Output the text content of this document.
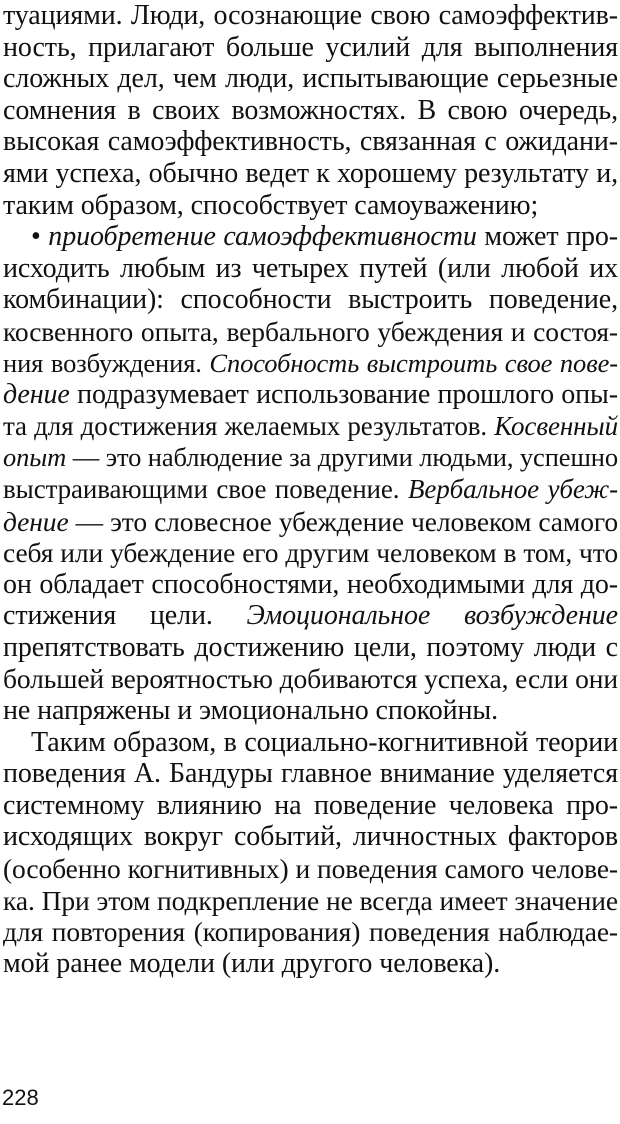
туациями. Люди, осознающие свою самоэффектив-
ность, прилагают больше усилий для выполнения
сложных дел, чем люди, испытывающие серьезные
сомнения в своих возможностях. В свою очередь,
высокая самоэффективность, связанная с ожидани-
ями успеха, обычно ведет к хорошему результату и,
таким образом, способствует самоуважению;
• приобретение самоэффективности может про-
исходить любым из четырех путей (или любой их
комбинации): способности выстроить поведение,
косвенного опыта, вербального убеждения и состоя-
ния возбуждения. Способность выстроить свое пове-
дение подразумевает использование прошлого опы-
та для достижения желаемых результатов. Косвенный
опыт — это наблюдение за другими людьми, успешно
выстраивающими свое поведение. Вербальное убеж-
дение — это словесное убеждение человеком самого
себя или убеждение его другим человеком в том, что
он обладает способностями, необходимыми для до-
стижения цели. Эмоциональное возбуждение
препятствовать достижению цели, поэтому люди с
большей вероятностью добиваются успеха, если они
не напряжены и эмоционально спокойны.
Таким образом, в социально-когнитивной теории
поведения А. Бандуры главное внимание уделяется
системному влиянию на поведение человека про-
исходящих вокруг событий, личностных факторов
(особенно когнитивных) и поведения самого челове-
ка. При этом подкрепление не всегда имеет значение
для повторения (копирования) поведения наблюдае-
мой ранее модели (или другого человека).
228
